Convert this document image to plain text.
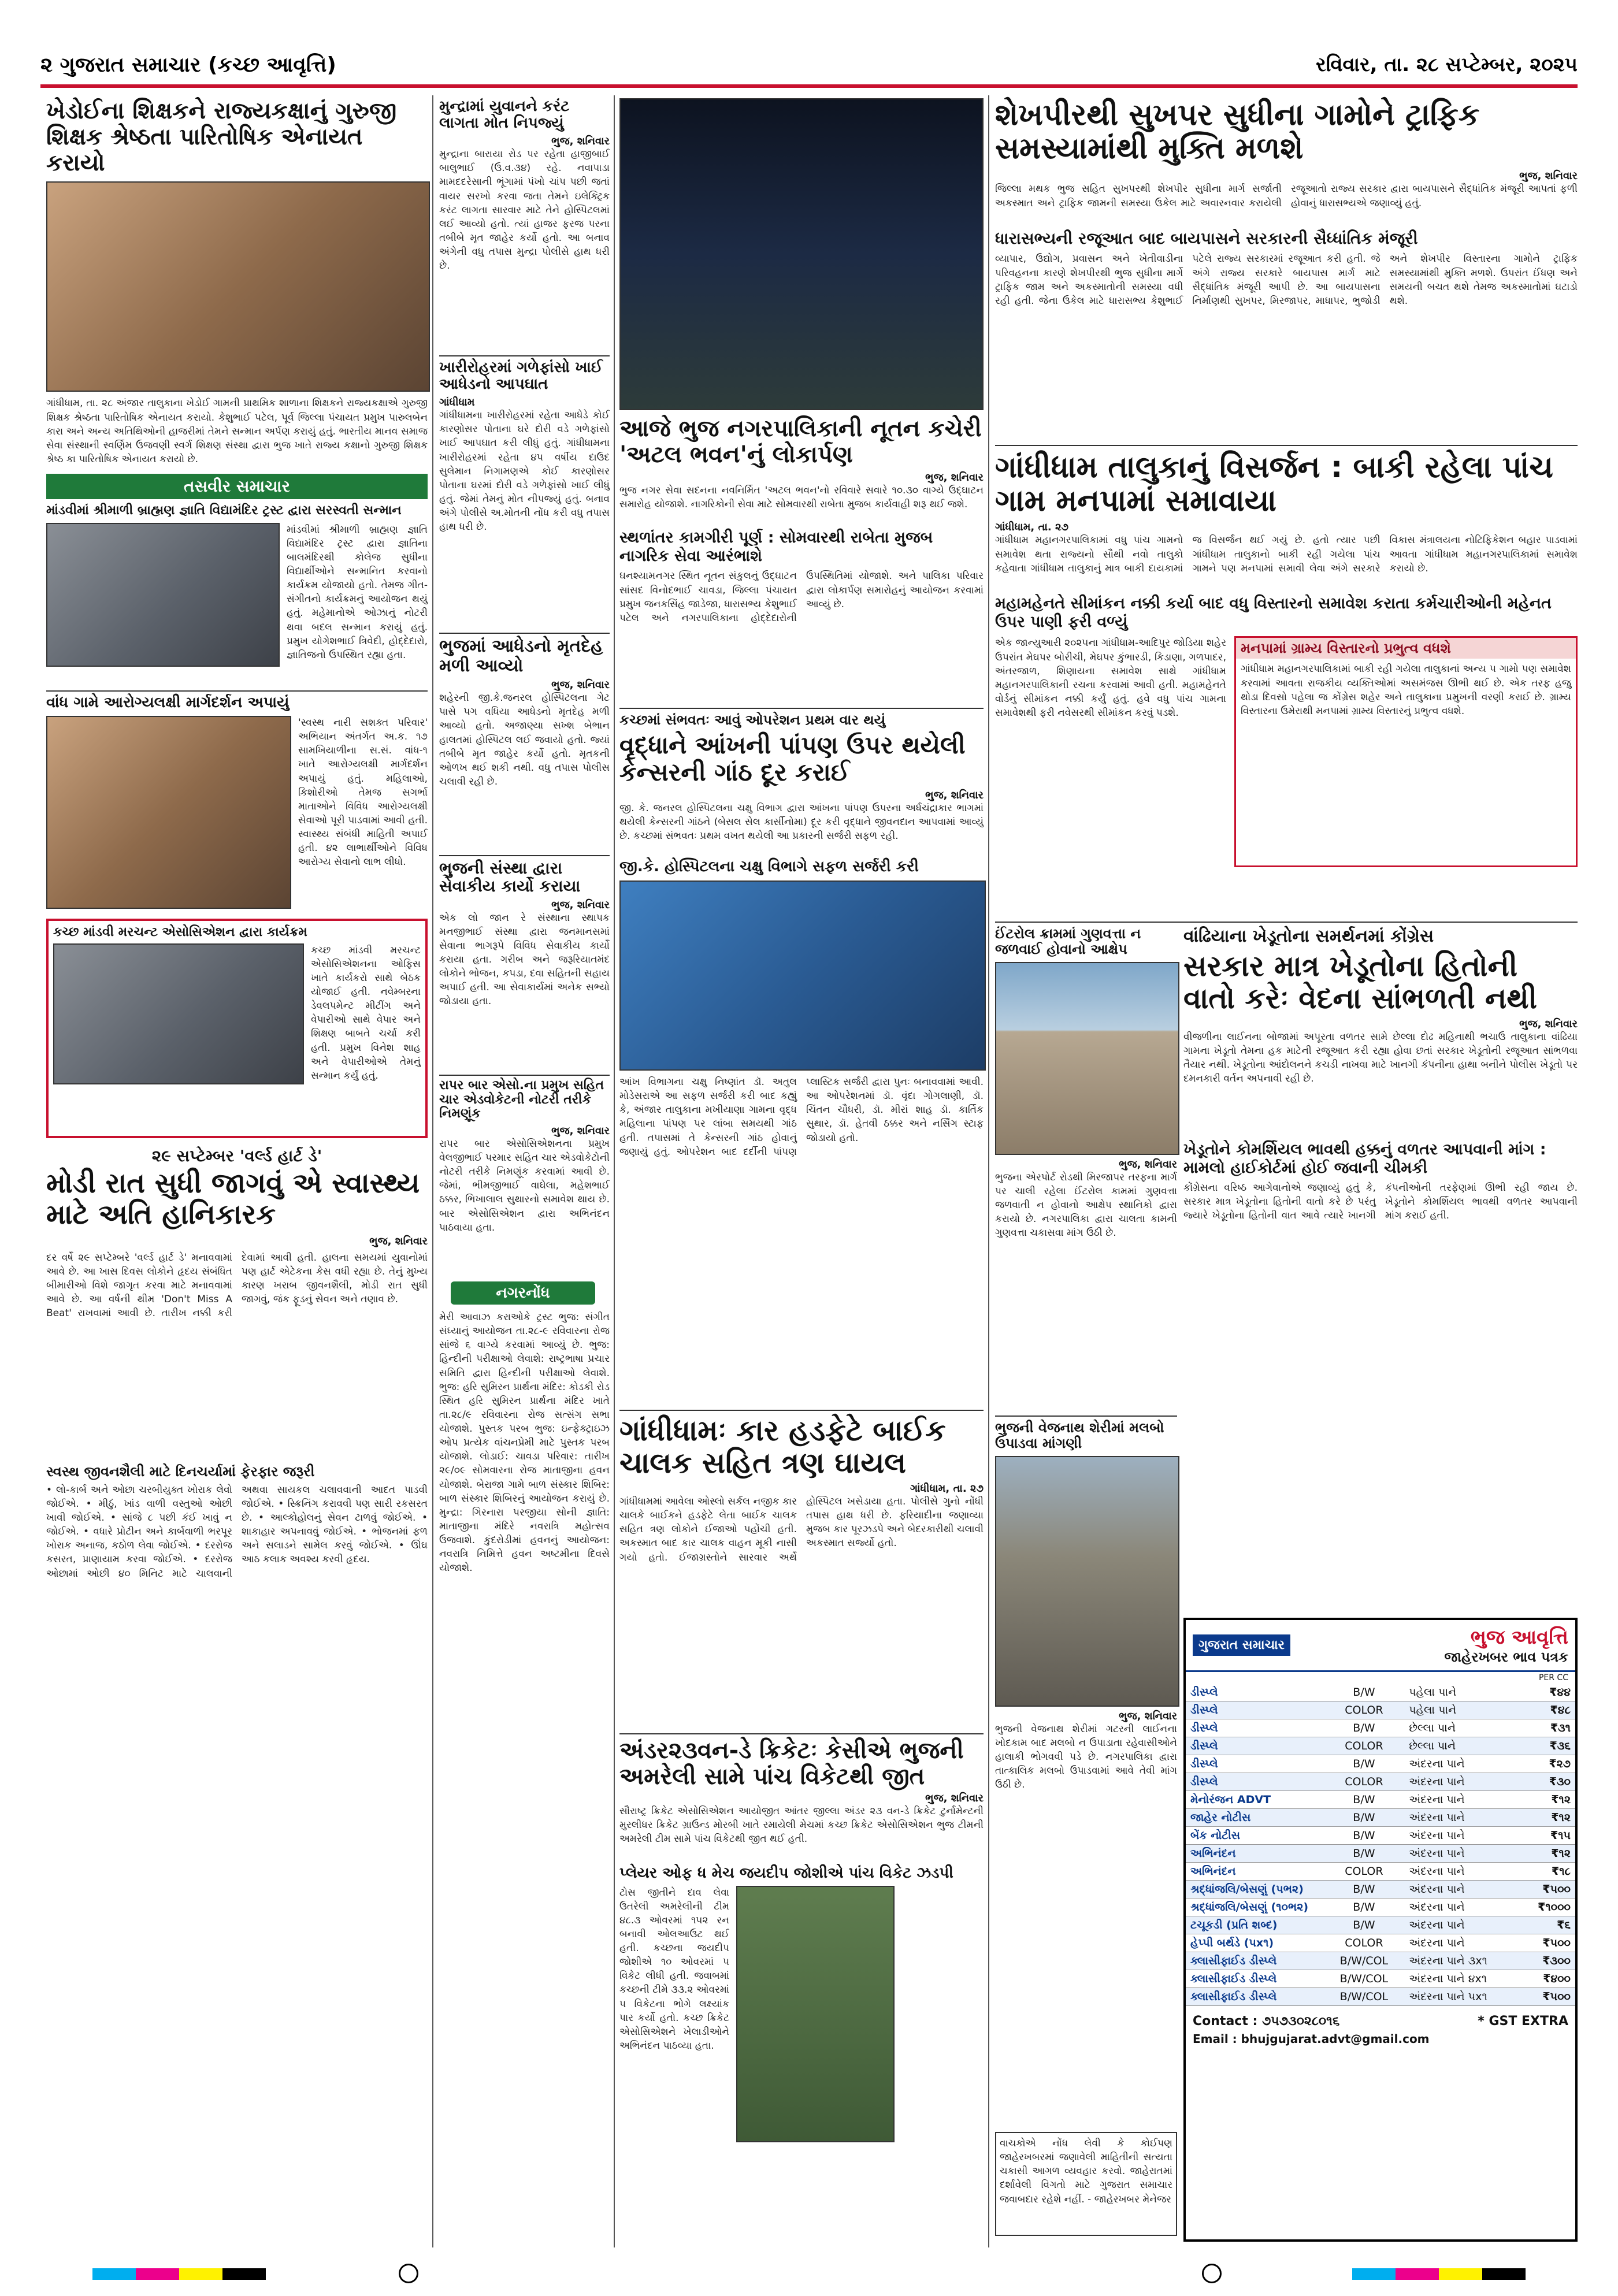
૨ ગુજરાત સમાચાર (કચ્છ આવૃત્તિ)	રવિવાર, તા. ૨૮ સપ્ટેમ્બર, ૨૦૨૫
ખેડોઈના શિક્ષકને રાજ્યકક્ષાનું ગુરુજી શિક્ષક શ્રેષ્ઠતા પારિતોષિક એનાયત કરાયો
ગાંધીધામ, તા. ૨૮ અંજાર તાલુકાના ખેડોઈ ગામની પ્રાથમિક શાળાના શિક્ષકને રાજ્યકક્ષાએ ગુરુજી શિક્ષક શ્રેષ્ઠતા પારિતોષિક એનાયત કરાયો. કેશુભાઈ પટેલ, પૂર્વ જિલ્લા પંચાયત પ્રમુખ પારુલબેન કારા અને અન્ય અતિથિઓની હાજરીમાં તેમને સન્માન અર્પણ કરાયું હતું. ભારતીય માનવ સમાજ સેવા સંસ્થાની સ્વર્ણિમ ઉજવણી સ્વર્ગ શિક્ષણ સંસ્થા દ્વારા ભુજ ખાતે રાજ્ય કક્ષાનો ગુરુજી શિક્ષક શ્રેષ્ઠ કા પારિતોષિક એનાયત કરાયો છે.
તસવીર સમાચાર
માંડવીમાં શ્રીમાળી બ્રાહ્મણ જ્ઞાતિ વિદ્યામંદિર ટ્રસ્ટ દ્વારા સરસ્વતી સન્માન
માંડવીમાં શ્રીમાળી બ્રાહ્મણ જ્ઞાતિ વિદ્યામંદિર ટ્રસ્ટ દ્વારા જ્ઞાતિના બાલમંદિરથી કોલેજ સુધીના વિદ્યાર્થીઓને સન્માનિત કરવાનો કાર્યક્રમ યોજાયો હતો. તેમજ ગીત-સંગીતનો કાર્યક્રમનું આયોજન થયું હતું. મહેમાનોએ ઓઝાનું નોટરી થવા બદલ સન્માન કરાયું હતું. પ્રમુખ યોગેશભાઈ ત્રિવેદી, હોદ્દેદારો, જ્ઞાતિજનો ઉપસ્થિત રહ્યા હતા.
વાંધ ગામે આરોગ્યલક્ષી માર્ગદર્શન અપાયું
'સ્વસ્થ નારી સશક્ત પરિવાર' અભિયાન અંતર્ગત અ.ક. ૧૭ સામખિયાળીના સ.સં. વાંધ-૧ ખાતે આરોગ્યલક્ષી માર્ગદર્શન અપાયું હતું. મહિલાઓ, કિશોરીઓ તેમજ સગર્ભા માતાઓને વિવિધ આરોગ્યલક્ષી સેવાઓ પૂરી પાડવામાં આવી હતી. સ્વાસ્થ્ય સંબંધી માહિતી અપાઈ હતી. ૪૨ લાભાર્થીઓને વિવિધ આરોગ્ય સેવાનો લાભ લીધો.
કચ્છ માંડવી મરચન્ટ એસોસિએશન દ્વારા કાર્યક્રમ
કચ્છ માંડવી મરચન્ટ એસોસિએશનના ઓફિસ ખાતે કાર્યકરો સાથે બેઠક યોજાઈ હતી. નવેમ્બરના ડેવલપમેન્ટ મીટીંગ અને વેપારીઓ સાથે વેપાર અને શિક્ષણ બાબતે ચર્ચા કરી હતી. પ્રમુખ વિનેશ શાહ અને વેપારીઓએ તેમનું સન્માન કર્યું હતું.
૨૯ સપ્ટેમ્બર 'વર્લ્ડ હાર્ટ ડે'
મોડી રાત સુધી જાગવું એ સ્વાસ્થ્ય માટે અતિ હાનિકારક
ભુજ, શનિવાર
દર વર્ષે ૨૯ સપ્ટેમ્બરે 'વર્લ્ડ હાર્ટ ડે' મનાવવામાં આવે છે. આ ખાસ દિવસ લોકોને હૃદય સંબંધિત બીમારીઓ વિશે જાગૃત કરવા માટે મનાવવામાં આવે છે. આ વર્ષની થીમ 'Don't Miss A Beat' રાખવામાં આવી છે. તારીખ નક્કી કરી દેવામાં આવી હતી. હાલના સમયમાં યુવાનોમાં પણ હાર્ટ એટેકના કેસ વધી રહ્યા છે. તેનું મુખ્ય કારણ ખરાબ જીવનશૈલી, મોડી રાત સુધી જાગવું, જંક ફૂડનું સેવન અને તણાવ છે.
સ્વસ્થ જીવનશૈલી માટે દિનચર્યામાં ફેરફાર જરૂરી
• લો-કાર્બ અને ઓછા ચરબીયુક્ત ખોરાક લેવો જોઈએ. • મીઠું, ખાંડ વાળી વસ્તુઓ ઓછી ખાવી જોઈએ. • સાંજે ૮ પછી કંઈ ખાવું ન જોઈએ. • વધારે પ્રોટીન અને કાર્બવાળી ભરપૂર ખોરાક અનાજ, કઠોળ લેવા જોઈએ. • દરરોજ કસરત, પ્રાણાયામ કરવા જોઈએ. • દરરોજ ઓછામાં ઓછી ૪૦ મિનિટ માટે ચાલવાની અથવા સાયકલ ચલાવવાની આદત પાડવી જોઈએ. • સ્ક્રિનિંગ કરાવવી પણ સારી રકસરત છે. • આલ્કોહોલનું સેવન ટાળવું જોઈએ. • શાકાહાર અપનાવવું જોઈએ. • ભોજનમાં ફળ અને સલાડને સામેલ કરવું જોઈએ. • ઊંઘ આઠ કલાક અવશ્ય કરવી હૃદય.
મુન્દ્રામાં યુવાનને કરંટ લાગતા મોત નિપજ્યું
ભુજ, શનિવાર
મુન્દ્રાના બારાયા રોડ પર રહેતા હાજીબાઈ બાલુભાઈ (ઉ.વ.૩૪) રહે. નવાપાડા મામદદરેસાની ભૂંગામાં પંખો ચાંપ પછી જતાં વાયર સરખો કરવા જતા તેમને ઇલેક્ટ્રિક કરંટ લાગતા સારવાર માટે તેને હોસ્પિટલમાં લઈ આવ્યો હતો. ત્યાં હાજર ફરજ પરના તબીબે મૃત જાહેર કર્યો હતો. આ બનાવ અંગેની વધુ તપાસ મુન્દ્રા પોલીસે હાથ ધરી છે.
ખારીરોહરમાં ગળેફાંસો ખાઈ આધેડનો આપઘાત
ગાંધીધામ
ગાંધીધામના ખારીરોહરમાં રહેતા આધેડે કોઈ કારણોસર પોતાના ઘરે દોરી વડે ગળેફાંસો ખાઈ આપઘાત કરી લીધું હતું. ગાંધીધામના ખારીરોહરમાં રહેતા ૪૫ વર્ષીય દાઉદ સુલેમાન નિગામણએ કોઈ કારણોસર પોતાના ઘરમાં દોરી વડે ગળેફાંસો ખાઈ લીધું હતું. જેમાં તેમનું મોત નીપજ્યું હતું. બનાવ અંગે પોલીસે અ.મોતની નોંધ કરી વધુ તપાસ હાથ ધરી છે.
ભુજમાં આધેડનો મૃતદેહ મળી આવ્યો
ભુજ, શનિવાર
શહેરની જી.કે.જનરલ હોસ્પિટલના ગેટ પાસે પગ વધિયા આધેડનો મૃતદેહ મળી આવ્યો હતો. અજાણ્યા સખ્શ બેભાન હાલતમાં હોસ્પિટલ લઈ જવાયો હતો. જ્યાં તબીબે મૃત જાહેર કર્યો હતો. મૃતકની ઓળખ થઈ શકી નથી. વધુ તપાસ પોલીસ ચલાવી રહી છે.
ભુજની સંસ્થા દ્વારા સેવાકીય કાર્યો કરાયા
ભુજ, શનિવાર
એક લો જાન રે સંસ્થાના સ્થાપક મનજીભાઈ સંસ્થા દ્વારા જનમાનસમાં સેવાના ભાગરૂપે વિવિધ સેવાકીય કાર્યો કરાયા હતા. ગરીબ અને જરૂરિયાતમંદ લોકોને ભોજન, કપડા, દવા સહિતની સહાય અપાઈ હતી. આ સેવાકાર્યમાં અનેક સભ્યો જોડાયા હતા.
રાપર બાર એસો.ના પ્રમુખ સહિત ચાર એડવોકેટની નોટરી તરીકે નિમણૂંક
ભુજ, શનિવાર
રાપર બાર એસોસિએશનના પ્રમુખ વેલજીભાઈ પરમાર સહિત ચાર એડવોકેટોની નોટરી તરીકે નિમણૂંક કરવામાં આવી છે. જેમાં, ભીમજીભાઈ વાઘેલા, મહેશભાઈ ઠક્કર, ભિખાલાલ સુથારનો સમાવેશ થાય છે. બાર એસોસિએશન દ્વારા અભિનંદન પાઠવાયા હતા.
નગરનોંધ
મેરી આવાઝ કરાઓકે ટ્રસ્ટ ભુજ: સંગીત સંધ્યાનું આયોજન તા.૨૮-૯ રવિવારના રોજ સાંજે ૬ વાગ્યે કરવામાં આવ્યું છે. ભુજ: હિન્દીની પરીક્ષાઓ લેવાશે: રાષ્ટ્રભાષા પ્રચાર સમિતિ દ્વારા હિન્દીની પરીક્ષાઓ લેવાશે. ભુજ: હરિ સુમિરન પ્રાર્થના મંદિર: કોડકી રોડ સ્થિત હરિ સુમિરન પ્રાર્થના મંદિર ખાતે તા.૨૮/૯ રવિવારના રોજ સત્સંગ સભા યોજાશે. પુસ્તક પરબ ભુજ: ઇન્ફેક્ટ્રાઇઝ ઓપ પ્રત્યેક વાંચનપ્રેમી માટે પુસ્તક પરબ યોજાશે. લોડાઈ: ચાવડા પરિવાર: તારીખ ૨૯/૦૯ સોમવારના રોજ માતાજીના હવન યોજાશે. બેરાજા ગામે બાળ સંસ્કાર શિબિર: બાળ સંસ્કાર શિબિરનું આયોજન કરાયું છે. મુન્દ્રા: ગિરનારા પરજીયા સોની જ્ઞાતિ: માતાજીના મંદિરે નવરાત્રિ મહોત્સવ ઉજવાશે. કુંદરોડીમાં હવનનું આયોજન: નવરાત્રિ નિમિત્તે હવન અષ્ટમીના દિવસે યોજાશે.
આજે ભુજ નગરપાલિકાની નૂતન કચેરી 'અટલ ભવન'નું લોકાર્પણ
ભુજ, શનિવાર
ભુજ નગર સેવા સદનના નવનિર્મિત 'અટલ ભવન'નો રવિવારે સવારે ૧૦.૩૦ વાગ્યે ઉદ્ઘાટન સમારોહ યોજાશે. નાગરિકોની સેવા માટે સોમવારથી રાબેતા મુજબ કાર્યવાહી શરૂ થઈ જશે.
સ્થળાંતર કામગીરી પૂર્ણ : સોમવારથી રાબેતા મુજબ નાગરિક સેવા આરંભાશે
ઘનશ્યામનગર સ્થિત નૂતન સંકુલનું ઉદ્ઘાટન સાંસદ વિનોદભાઈ ચાવડા, જિલ્લા પંચાયત પ્રમુખ જનકસિંહ જાડેજા, ધારાસભ્ય કેશુભાઈ પટેલ અને નગરપાલિકાના હોદ્દેદારોની ઉપસ્થિતિમાં યોજાશે. અને પાલિકા પરિવાર દ્વારા લોકાર્પણ સમારોહનું આયોજન કરવામાં આવ્યું છે.
કચ્છમાં સંભવતઃ આવું ઓપરેશન પ્રથમ વાર થયું
વૃદ્ધાને આંખની પાંપણ ઉપર થયેલી કેન્સરની ગાંઠ દૂર કરાઈ
ભુજ, શનિવાર
જી. કે. જનરલ હોસ્પિટલના ચક્ષુ વિભાગ દ્વારા આંખના પાંપણ ઉપરના અર્ધચંદ્રાકાર ભાગમાં થયેલી કેન્સરની ગાંઠને (બેસલ સેલ કાર્સીનોમા) દૂર કરી વૃદ્ધાને જીવનદાન આપવામાં આવ્યું છે. કચ્છમાં સંભવતઃ પ્રથમ વખત થયેલી આ પ્રકારની સર્જરી સફળ રહી.
જી.કે. હોસ્પિટલના ચક્ષુ વિભાગે સફળ સર્જરી કરી
આંખ વિભાગના ચક્ષુ નિષ્ણાંત ડૉ. અતુલ મોડેસરાએ આ સફળ સર્જરી કરી બાદ કહ્યું કે, અંજાર તાલુકાના મખીયાણા ગામના વૃદ્ધ મહિલાના પાંપણ પર લાંબા સમયથી ગાંઠ હતી. તપાસમાં તે કેન્સરની ગાંઠ હોવાનું જણાયું હતું. ઓપરેશન બાદ દર્દીની પાંપણ પ્લાસ્ટિક સર્જરી દ્વારા પુનઃ બનાવવામાં આવી. આ ઓપરેશનમાં ડૉ. વૃંદા ગોગલાણી, ડૉ. ચિંતન ચૌધરી, ડૉ. મીરાં શાહ ડૉ. કાર્તિક સુથાર, ડૉ. હેતવી ઠક્કર અને નર્સિંગ સ્ટાફ જોડાયો હતો.
ગાંધીધામઃ કાર હડફેટે બાઈક ચાલક સહિત ત્રણ ઘાયલ
ગાંધીધામ, તા. ૨૭
ગાંધીધામમાં આવેલા ઓસ્લો સર્કલ નજીક કાર ચાલકે બાઈકને હડફેટે લેતા બાઈક ચાલક સહિત ત્રણ લોકોને ઈજાઓ પહોંચી હતી. અકસ્માત બાદ કાર ચાલક વાહન મૂકી નાસી ગયો હતો. ઈજાગ્રસ્તોને સારવાર અર્થે હોસ્પિટલ ખસેડાયા હતા. પોલીસે ગુનો નોંધી તપાસ હાથ ધરી છે. ફરિયાદીના જણાવ્યા મુજબ કાર પૂરઝડપે અને બેદરકારીથી ચલાવી અકસ્માત સર્જ્યો હતો.
અંડર૨૩વન-ડે ક્રિકેટઃ કેસીએ ભુજની અમરેલી સામે પાંચ વિકેટથી જીત
ભુજ, શનિવાર
સૌરાષ્ટ્ર ક્રિકેટ એસોસિએશન આયોજીત આંતર જીલ્લા અંડર ૨૩ વન-ડે ક્રિકેટ ટુર્નામેન્ટની મુરલીધર ક્રિકેટ ગ્રાઉન્ડ મોરબી ખાતે રમાયેલી મેચમાં કચ્છ ક્રિકેટ એસોસિએશન ભુજ ટીમની અમરેલી ટીમ સામે પાંચ વિકેટથી જીત થઈ હતી.
પ્લેયર ઓફ ધ મેચ જયદીપ જોશીએ પાંચ વિકેટ ઝડપી
ટોસ જીતીને દાવ લેવા ઉતરેલી અમરેલીની ટીમ ૪૮.૩ ઓવરમાં ૧૫૨ રન બનાવી ઓલઆઉટ થઈ હતી. કચ્છના જયદીપ જોશીએ ૧૦ ઓવરમાં ૫ વિકેટ લીધી હતી. જવાબમાં કચ્છની ટીમે ૩૩.૨ ઓવરમાં ૫ વિકેટના ભોગે લક્ષ્યાંક પાર કર્યો હતો. કચ્છ ક્રિકેટ એસોસિએશને ખેલાડીઓને અભિનંદન પાઠવ્યા હતા.
શેખપીરથી સુખપર સુધીના ગામોને ટ્રાફિક સમસ્યામાંથી મુક્તિ મળશે
ભુજ, શનિવાર
જિલ્લા મથક ભુજ સહિત સુખપરથી શેખપીર સુધીના માર્ગ સર્જાતી અકસ્માત અને ટ્રાફિક જામની સમસ્યા ઉકેલ માટે અવારનવાર કરાયેલી રજૂઆતો રાજ્ય સરકાર દ્વારા બાયપાસને સૈદ્ધાંતિક મંજૂરી આપતાં ફળી હોવાનું ધારાસભ્યએ જણાવ્યું હતું.
ધારાસભ્યની રજૂઆત બાદ બાયપાસને સરકારની સૈધ્ધાંતિક મંજૂરી
વ્યાપાર, ઉદ્યોગ, પ્રવાસન અને ખેતીવાડીના પરિવહનના કારણે શેખપીરથી ભુજ સુધીના માર્ગે ટ્રાફિક જામ અને અકસ્માતોની સમસ્યા વધી રહી હતી. જેના ઉકેલ માટે ધારાસભ્ય કેશુભાઈ પટેલે રાજ્ય સરકારમાં રજૂઆત કરી હતી. જે અંગે રાજ્ય સરકારે બાયપાસ માર્ગ માટે સૈદ્ધાંતિક મંજૂરી આપી છે. આ બાયપાસના નિર્માણથી સુખપર, મિરજાપર, માધાપર, ભુજોડી અને શેખપીર વિસ્તારના ગામોને ટ્રાફિક સમસ્યામાંથી મુક્તિ મળશે. ઉપરાંત ઈંધણ અને સમયની બચત થશે તેમજ અકસ્માતોમાં ઘટાડો થશે.
ગાંધીધામ તાલુકાનું વિસર્જન : બાકી રહેલા પાંચ ગામ મનપામાં સમાવાયા
ગાંધીધામ, તા. ૨૭
ગાંધીધામ મહાનગરપાલિકામાં વધુ પાંચ ગામનો સમાવેશ થતા રાજ્યનો સૌથી નવો તાલુકો કહેવાતા ગાંધીધામ તાલુકાનું માત્ર બાકી દાયકામાં જ વિસર્જન થઈ ગયું છે. હતો ત્યાર પછી ગાંધીધામ તાલુકાનો બાકી રહી ગયેલા પાંચ ગામને પણ મનપામાં સમાવી લેવા અંગે સરકારે વિકાસ મંત્રાલયના નોટિફિકેશન બહાર પાડવામાં આવતા ગાંધીધામ મહાનગરપાલિકામાં સમાવેશ કરાયો છે.
મહામહેનતે સીમાંકન નક્કી કર્યા બાદ વધુ વિસ્તારનો સમાવેશ કરાતા કર્મચારીઓની મહેનત ઉપર પાણી ફરી વળ્યું
એક જાન્યુઆરી ૨૦૨૫ના ગાંધીધામ-આદિપુર જોડિયા શહેર ઉપરાંત મેઘપર બોરીચી, મેઘપર કુંભારડી, કિડાણા, ગળપાદર, અંતરજાળ, શિણાયના સમાવેશ સાથે ગાંધીધામ મહાનગરપાલિકાની રચના કરવામાં આવી હતી. મહામહેનતે વોર્ડનું સીમાંકન નક્કી કર્યું હતું. હવે વધુ પાંચ ગામના સમાવેશથી ફરી નવેસરથી સીમાંકન કરવું પડશે.
મનપામાં ગ્રામ્ય વિસ્તારનો પ્રભુત્વ વધશે
ગાંધીધામ મહાનગરપાલિકામાં બાકી રહી ગયેલા તાલુકાનાં અન્ય ૫ ગામો પણ સમાવેશ કરવામાં આવતા રાજકીય વ્યક્તિઓમાં અસમંજસ ઊભી થઈ છે. એક તરફ હજુ થોડા દિવસો પહેલા જ કોંગ્રેસ શહેર અને તાલુકાના પ્રમુખની વરણી કરાઈ છે. ગ્રામ્ય વિસ્તારના ઉમેરાથી મનપામાં ગ્રામ્ય વિસ્તારનું પ્રભુત્વ વધશે.
ઈંટરોલ ક્રામમાં ગુણવત્તા ન જળવાઈ હોવાનો આક્ષેપ
ભુજ, શનિવાર
ભુજના એરપોર્ટ રોડથી મિરજાપર તરફના માર્ગ પર ચાલી રહેલા ઈંટરોલ કામમાં ગુણવત્તા જળવાતી ન હોવાનો આક્ષેપ સ્થાનિકો દ્વારા કરાયો છે. નગરપાલિકા દ્વારા ચાલતા કામની ગુણવત્તા ચકાસવા માંગ ઉઠી છે.
ભુજની વેજનાથ શેરીમાં મલબો ઉપાડવા માંગણી
ભુજ, શનિવાર
ભુજની વેજનાથ શેરીમાં ગટરની લાઈનના ખોદકામ બાદ મલબો ન ઉપાડાતા રહેવાસીઓને હાલાકી ભોગવવી પડે છે. નગરપાલિકા દ્વારા તાત્કાલિક મલબો ઉપાડવામાં આવે તેવી માંગ ઉઠી છે.
વાચકોએ નોંધ લેવી કે કોઈપણ જાહેરખબરમાં જણાવેલી માહિતીની સત્યતા ચકાસી આગળ વ્યવહાર કરવો. જાહેરાતમાં દર્શાવેલી વિગતો માટે ગુજરાત સમાચાર જવાબદાર રહેશે નહીં. - જાહેરખબર મેનેજર
વાંઢિયાના ખેડૂતોના સમર્થનમાં કોંગ્રેસ
સરકાર માત્ર ખેડૂતોના હિતોની વાતો કરેઃ વેદના સાંભળતી નથી
ભુજ, શનિવાર
વીજળીના લાઈનના બોજામાં અપૂરતા વળતર સામે છેલ્લા દોઢ મહિનાથી ભચાઉ તાલુકાના વાંઢિયા ગામના ખેડૂતો તેમના હક માટેની રજૂઆત કરી રહ્યા હોવા છતાં સરકાર ખેડૂતોની રજૂઆત સાંભળવા તૈયાર નથી. ખેડૂતોના આંદોલનને કચડી નાખવા માટે ખાનગી કંપનીના હાથા બનીને પોલીસ ખેડૂતો પર દમનકારી વર્તન અપનાવી રહી છે.
ખેડૂતોને કોમર્શિયલ ભાવથી હક્કનું વળતર આપવાની માંગ : મામલો હાઈકોર્ટમાં હોઈ જવાની ચીમકી
કોંગ્રેસના વરિષ્ઠ આગેવાનોએ જણાવ્યું હતું કે, સરકાર માત્ર ખેડૂતોના હિતોની વાતો કરે છે પરંતુ જ્યારે ખેડૂતોના હિતોની વાત આવે ત્યારે ખાનગી કંપનીઓની તરફેણમાં ઊભી રહી જાય છે. ખેડૂતોને કોમર્શિયલ ભાવથી વળતર આપવાની માંગ કરાઈ હતી.
ગુજરાત સમાચાર	ભુજ આવૃત્તિ
જાહેરખબર ભાવ પત્રક
PER CC
ડીસ્પ્લે	B/W	પહેલા પાને	₹૪૪
ડીસ્પ્લે	COLOR	પહેલા પાને	₹૪૮
ડીસ્પ્લે	B/W	છેલ્લા પાને	₹૩૧
ડીસ્પ્લે	COLOR	છેલ્લા પાને	₹૩૬
ડીસ્પ્લે	B/W	અંદરના પાને	₹૨૭
ડીસ્પ્લે	COLOR	અંદરના પાને	₹૩૦
મેનોરંજન ADVT	B/W	અંદરના પાને	₹૧૨
જાહેર નોટીસ	B/W	અંદરના પાને	₹૧૨
બેંક નોટીસ	B/W	અંદરના પાને	₹૧૫
અભિનંદન	B/W	અંદરના પાને	₹૧૨
અભિનંદન	COLOR	અંદરના પાને	₹૧૮
શ્રદ્ધાંજલિ/બેસણું (૫ભ૨)	B/W	અંદરના પાને	₹૫૦૦
શ્રદ્ધાંજલિ/બેસણું (૧૦ભ૨)	B/W	અંદરના પાને	₹૧૦૦૦
ટચૂકડી (પ્રતિ શબ્દ)	B/W	અંદરના પાને	₹૬
હેપ્પી બર્થડે (૫x૧)	COLOR	અંદરના પાને	₹૫૦૦
ક્લાસીફાઈડ ડીસ્પ્લે	B/W/COL	અંદરના પાને ૩x૧	₹૩૦૦
ક્લાસીફાઈડ ડીસ્પ્લે	B/W/COL	અંદરના પાને ૪x૧	₹૪૦૦
ક્લાસીફાઈડ ડીસ્પ્લે	B/W/COL	અંદરના પાને ૫x૧	₹૫૦૦
Contact : ૭૫૭૩૦૨૮૦૧૬	* GST EXTRA
Email : bhujgujarat.advt@gmail.com
